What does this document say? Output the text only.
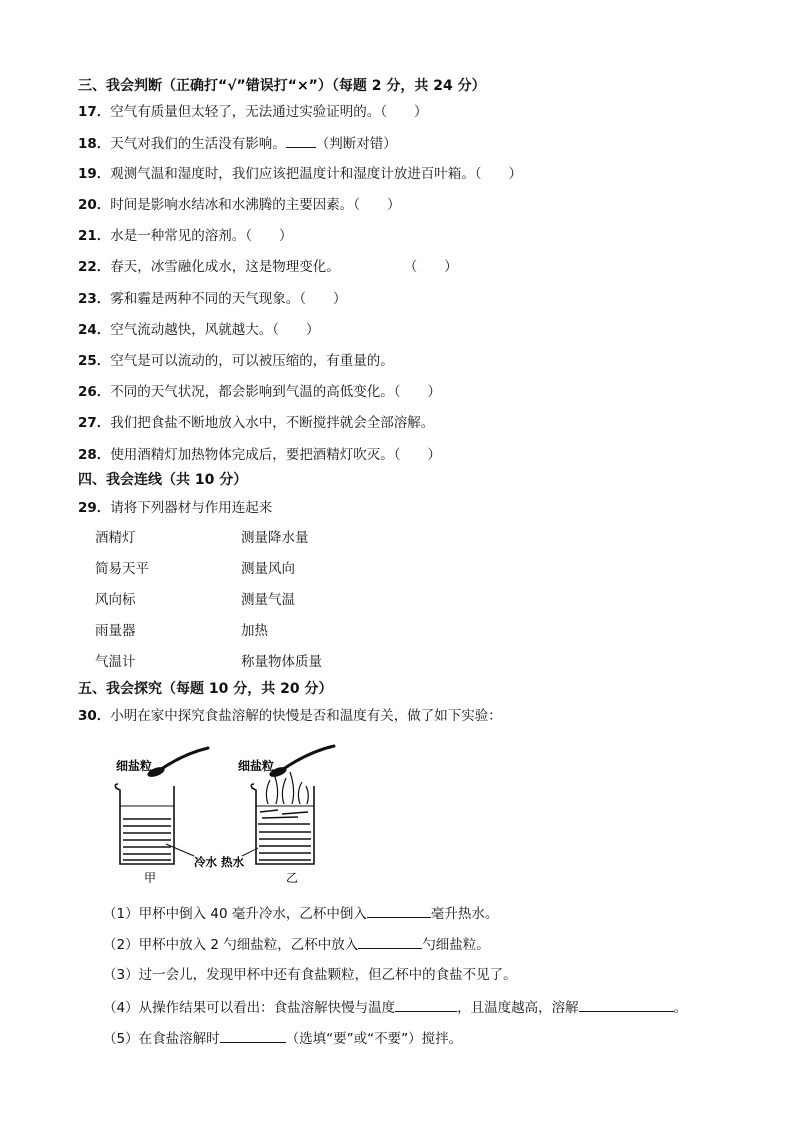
三、我会判断（正确打“√”错误打“×”）（每题 2 分，共 24 分）
17．空气有质量但太轻了，无法通过实验证明的。（　　）
18．天气对我们的生活没有影响。 （判断对错）
19．观测气温和湿度时，我们应该把温度计和湿度计放进百叶箱。（　　）
20．时间是影响水结冰和水沸腾的主要因素。（　　）
21．水是一种常见的溶剂。（　　）
22．春天，冰雪融化成水，这是物理变化。	（　　）
23．雾和霾是两种不同的天气现象。（　　）
24．空气流动越快，风就越大。（　　）
25．空气是可以流动的，可以被压缩的，有重量的。
26．不同的天气状况，都会影响到气温的高低变化。（　　）
27．我们把食盐不断地放入水中，不断搅拌就会全部溶解。
28．使用酒精灯加热物体完成后，要把酒精灯吹灭。（　　）
四、我会连线（共 10 分）
29．请将下列器材与作用连起来
酒精灯	测量降水量
简易天平	测量风向
风向标	测量气温
雨量器	加热
气温计	称量物体质量
五、我会探究（每题 10 分，共 20 分）
30．小明在家中探究食盐溶解的快慢是否和温度有关，做了如下实验：
细盐粒	细盐粒
冷水 热水
甲	乙
（1）甲杯中倒入 40 毫升冷水，乙杯中倒入	毫升热水。
（2）甲杯中放入 2 勺细盐粒，乙杯中放入	勺细盐粒。
（3）过一会儿，发现甲杯中还有食盐颗粒，但乙杯中的食盐不见了。
（4）从操作结果可以看出：食盐溶解快慢与温度	，且温度越高，溶解	。
（5）在食盐溶解时	（选填“要”或“不要”）搅拌。
